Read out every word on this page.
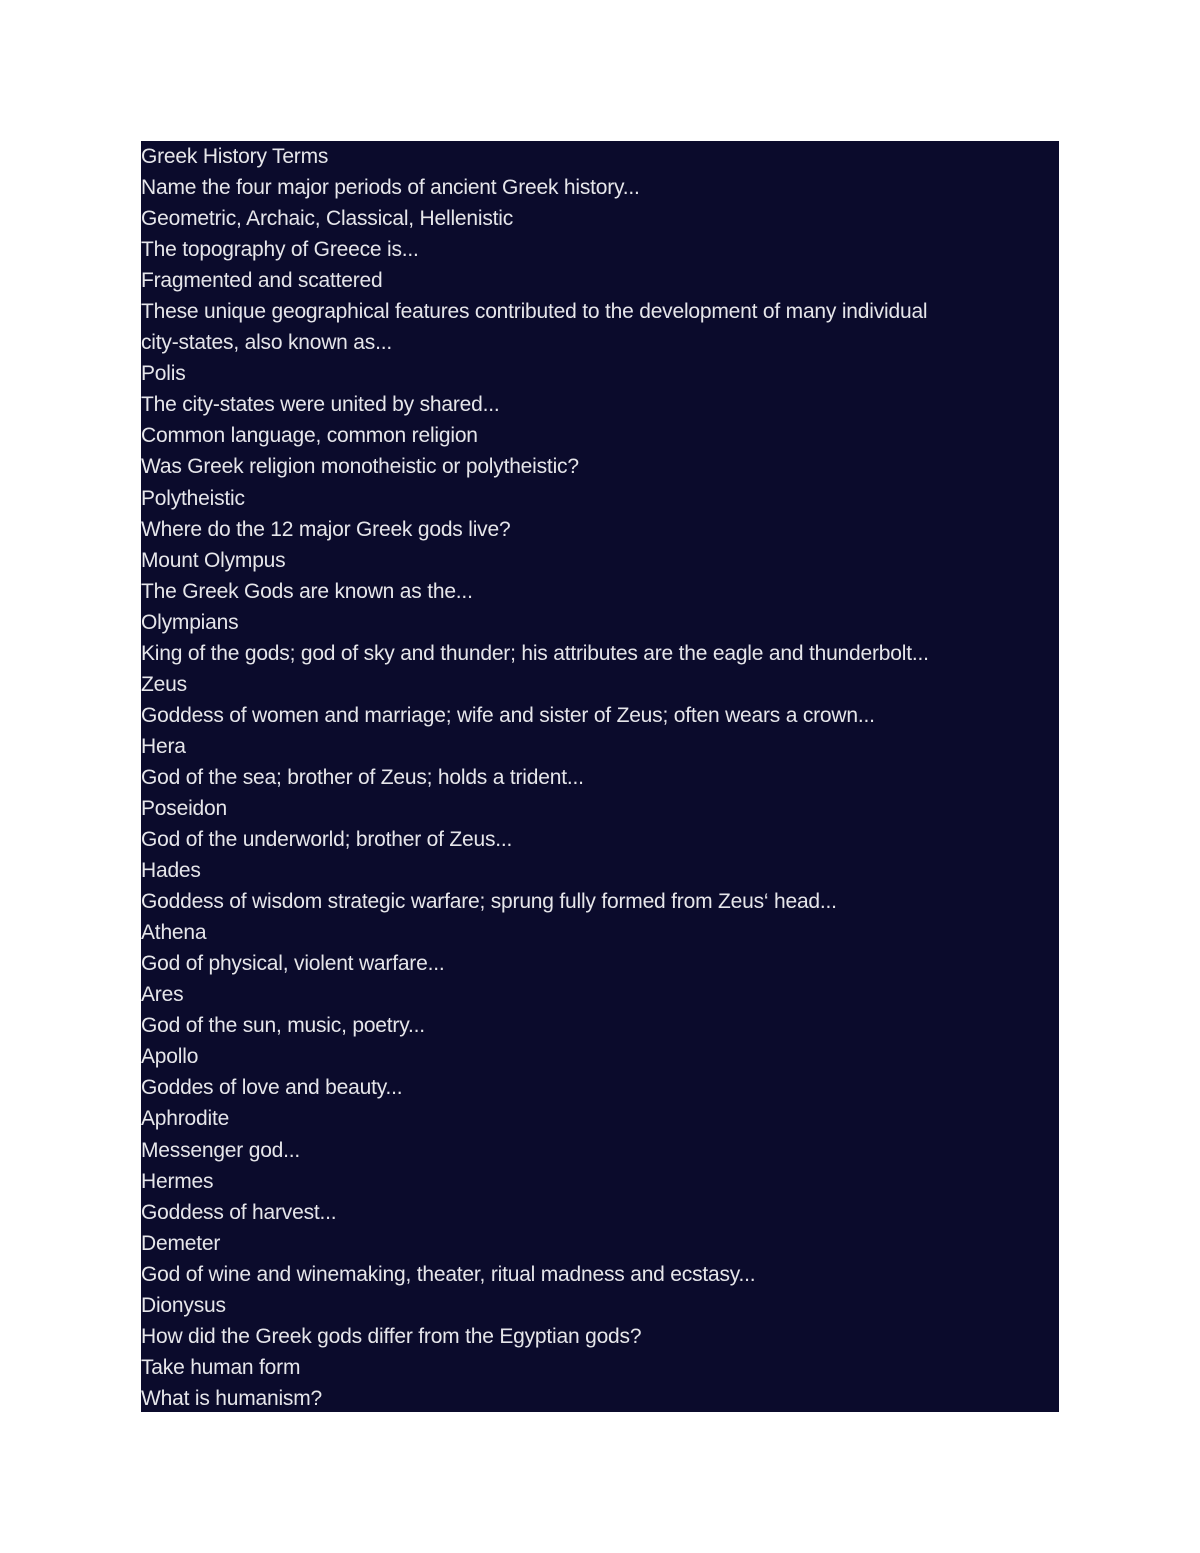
Greek History Terms
Name the four major periods of ancient Greek history...
Geometric, Archaic, Classical, Hellenistic
The topography of Greece is...
Fragmented and scattered
These unique geographical features contributed to the development of many individual
city-states, also known as...
Polis
The city-states were united by shared...
Common language, common religion
Was Greek religion monotheistic or polytheistic?
Polytheistic
Where do the 12 major Greek gods live?
Mount Olympus
The Greek Gods are known as the...
Olympians
King of the gods; god of sky and thunder; his attributes are the eagle and thunderbolt...
Zeus
Goddess of women and marriage; wife and sister of Zeus; often wears a crown...
Hera
God of the sea; brother of Zeus; holds a trident...
Poseidon
God of the underworld; brother of Zeus...
Hades
Goddess of wisdom strategic warfare; sprung fully formed from Zeus‘ head...
Athena
God of physical, violent warfare...
Ares
God of the sun, music, poetry...
Apollo
Goddes of love and beauty...
Aphrodite
Messenger god...
Hermes
Goddess of harvest...
Demeter
God of wine and winemaking, theater, ritual madness and ecstasy...
Dionysus
How did the Greek gods differ from the Egyptian gods?
Take human form
What is humanism?
